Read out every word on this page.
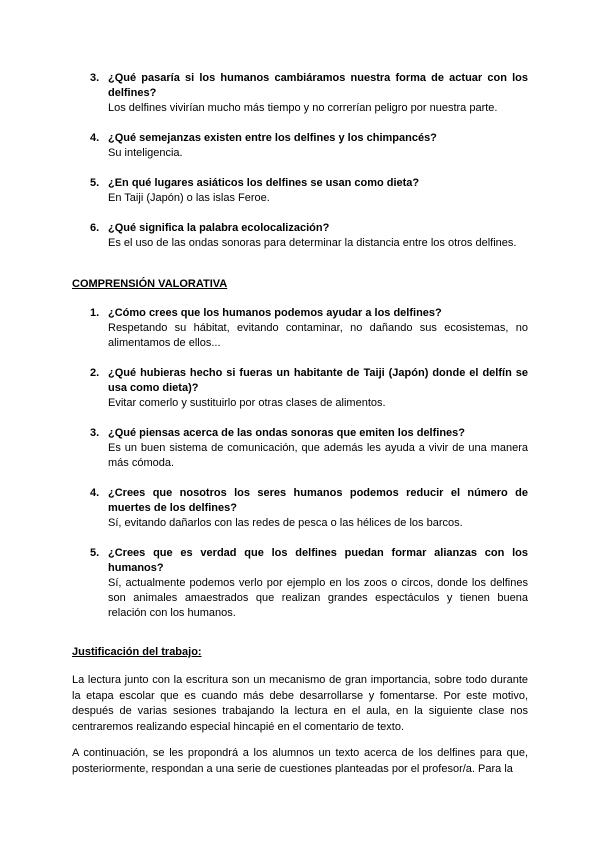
3. ¿Qué pasaría si los humanos cambiáramos nuestra forma de actuar con los delfines?

Los delfines vivirían mucho más tiempo y no correrían peligro por nuestra parte.

4. ¿Qué semejanzas existen entre los delfines y los chimpancés?

Su inteligencia.

5. ¿En qué lugares asiáticos los delfines se usan como dieta?

En Taiji (Japón) o las islas Feroe.

6. ¿Qué significa la palabra ecolocalización?

Es el uso de las ondas sonoras para determinar la distancia entre los otros delfines.

COMPRENSIÓN VALORATIVA
1. ¿Cómo crees que los humanos podemos ayudar a los delfines?

Respetando su hábitat, evitando contaminar, no dañando sus ecosistemas, no alimentamos de ellos...

2. ¿Qué hubieras hecho si fueras un habitante de Taiji (Japón) donde el delfín se usa como dieta)?

Evitar comerlo y sustituirlo por otras clases de alimentos.

3. ¿Qué piensas acerca de las ondas sonoras que emiten los delfines?

Es un buen sistema de comunicación, que además les ayuda a vivir de una manera más cómoda.

4. ¿Crees que nosotros los seres humanos podemos reducir el número de muertes de los delfines?

Sí, evitando dañarlos con las redes de pesca o las hélices de los barcos.

5. ¿Crees que es verdad que los delfines puedan formar alianzas con los humanos?

Sí, actualmente podemos verlo por ejemplo en los zoos o circos, donde los delfines son animales amaestrados que realizan grandes espectáculos y tienen buena relación con los humanos.

Justificación del trabajo:

La lectura junto con la escritura son un mecanismo de gran importancia, sobre todo durante la etapa escolar que es cuando más debe desarrollarse y fomentarse. Por este motivo, después de varias sesiones trabajando la lectura en el aula, en la siguiente clase nos centraremos realizando especial hincapié en el comentario de texto.

A continuación, se les propondrá a los alumnos un texto acerca de los delfines para que, posteriormente, respondan a una serie de cuestiones planteadas por el profesor/a. Para la
